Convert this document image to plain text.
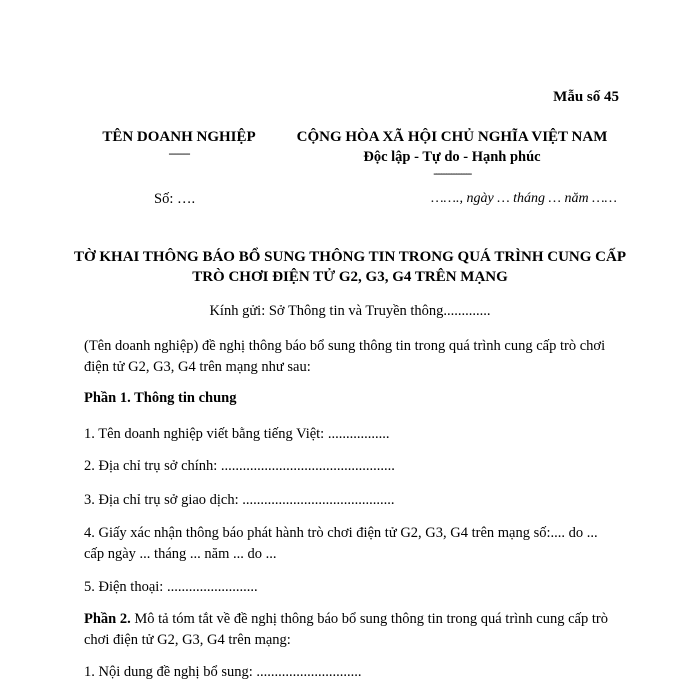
Mẫu số 45
TÊN DOANH NGHIỆP
-------
CỘNG HÒA XÃ HỘI CHỦ NGHĨA VIỆT NAM
Độc lập - Tự do - Hạnh phúc
---------------
Số: ….	……., ngày … tháng … năm ……
TỜ KHAI THÔNG BÁO BỔ SUNG THÔNG TIN TRONG QUÁ TRÌNH CUNG CẤP TRÒ CHƠI ĐIỆN TỬ G2, G3, G4 TRÊN MẠNG
Kính gửi: Sở Thông tin và Truyền thông.............
(Tên doanh nghiệp) đề nghị thông báo bổ sung thông tin trong quá trình cung cấp trò chơi điện tử G2, G3, G4 trên mạng như sau:
Phần 1. Thông tin chung
1. Tên doanh nghiệp viết bằng tiếng Việt: .................
2. Địa chỉ trụ sở chính: ................................................
3. Địa chỉ trụ sở giao dịch: ..........................................
4. Giấy xác nhận thông báo phát hành trò chơi điện tử G2, G3, G4 trên mạng số:.... do ... cấp ngày ... tháng ... năm ... do ...
5. Điện thoại: .........................
Phần 2. Mô tả tóm tắt về đề nghị thông báo bổ sung thông tin trong quá trình cung cấp trò chơi điện tử G2, G3, G4 trên mạng:
1. Nội dung đề nghị bổ sung: .............................
